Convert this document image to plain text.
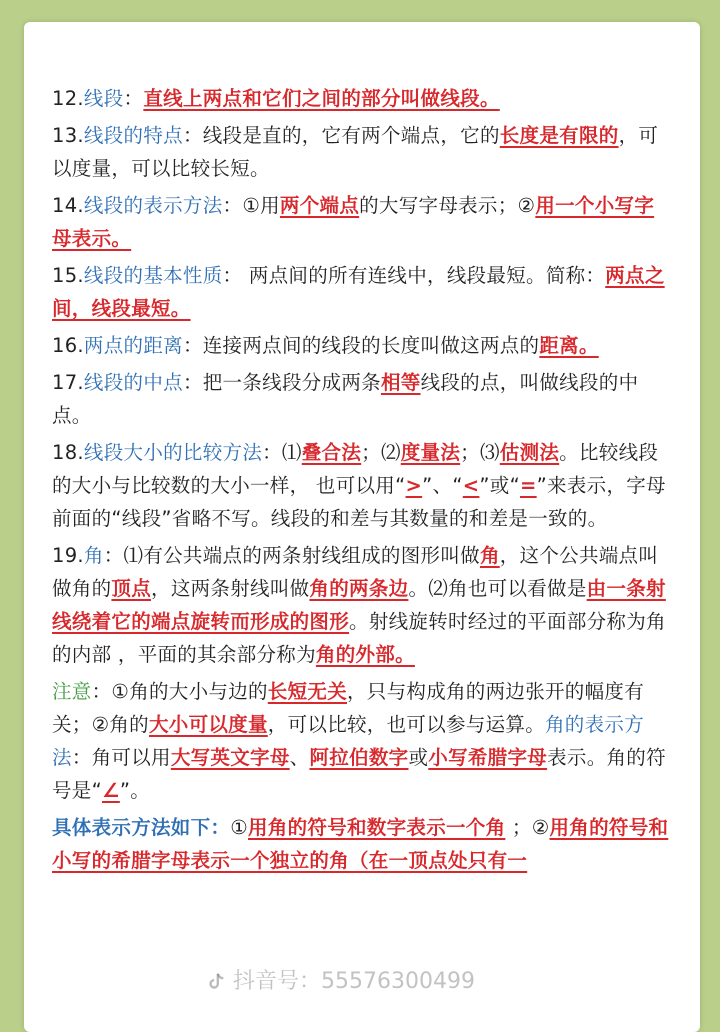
12.线段：直线上两点和它们之间的部分叫做线段。

13.线段的特点：线段是直的，它有两个端点，它的长度是有限的，可以度量，可以比较长短。

14.线段的表示方法：①用两个端点的大写字母表示；②用一个小写字母表示。

15.线段的基本性质： 两点间的所有连线中，线段最短。简称：两点之间，线段最短。

16.两点的距离：连接两点间的线段的长度叫做这两点的距离。

17.线段的中点：把一条线段分成两条相等线段的点，叫做线段的中点。

18.线段大小的比较方法：⑴叠合法；⑵度量法；⑶估测法。比较线段的大小与比较数的大小一样， 也可以用“>”、“<”或“=”来表示，字母前面的“线段”省略不写。线段的和差与其数量的和差是一致的。

19.角：⑴有公共端点的两条射线组成的图形叫做角，这个公共端点叫做角的顶点，这两条射线叫做角的两条边。⑵角也可以看做是由一条射线绕着它的端点旋转而形成的图形。射线旋转时经过的平面部分称为角的内部 ，平面的其余部分称为角的外部。

注意：①角的大小与边的长短无关，只与构成角的两边张开的幅度有关；②角的大小可以度量，可以比较，也可以参与运算。角的表示方法：角可以用大写英文字母、阿拉伯数字或小写希腊字母表示。角的符号是“∠”。

具体表示方法如下：①用角的符号和数字表示一个角 ；②用角的符号和小写的希腊字母表示一个独立的角（在一顶点处只有一

抖音号：55576300499
